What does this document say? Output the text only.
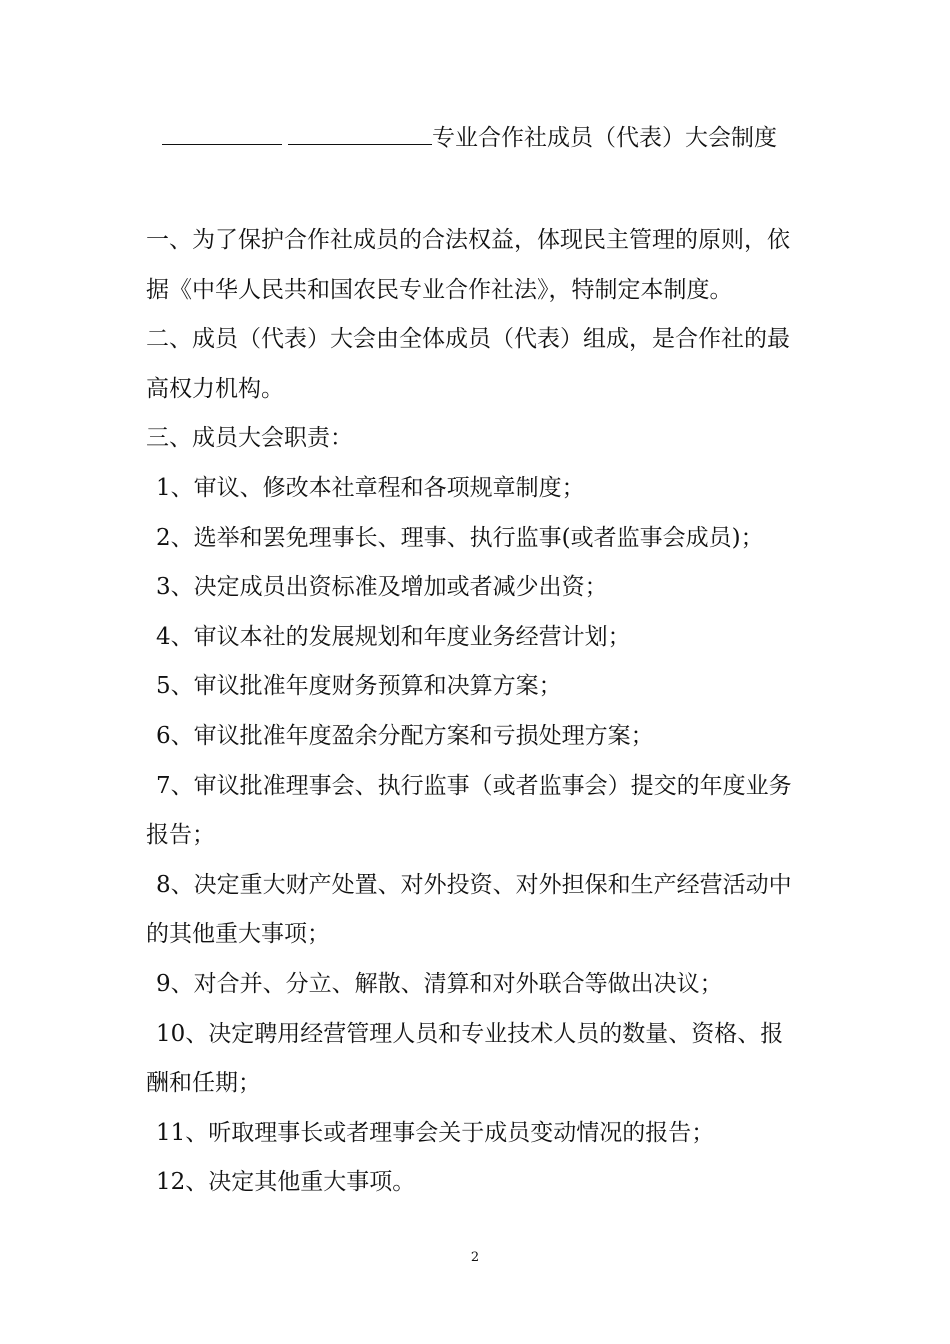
专业合作社成员（代表）大会制度
一、为了保护合作社成员的合法权益，体现民主管理的原则，依
据《中华人民共和国农民专业合作社法》，特制定本制度。
二、成员（代表）大会由全体成员（代表）组成，是合作社的最
高权力机构。
三、成员大会职责：
1、审议、修改本社章程和各项规章制度；
2、选举和罢免理事长、理事、执行监事(或者监事会成员)；
3、决定成员出资标准及增加或者减少出资；
4、审议本社的发展规划和年度业务经营计划；
5、审议批准年度财务预算和决算方案；
6、审议批准年度盈余分配方案和亏损处理方案；
7、审议批准理事会、执行监事（或者监事会）提交的年度业务
报告；
8、决定重大财产处置、对外投资、对外担保和生产经营活动中
的其他重大事项；
9、对合并、分立、解散、清算和对外联合等做出决议；
10、决定聘用经营管理人员和专业技术人员的数量、资格、报
酬和任期；
11、听取理事长或者理事会关于成员变动情况的报告；
12、决定其他重大事项。
2
